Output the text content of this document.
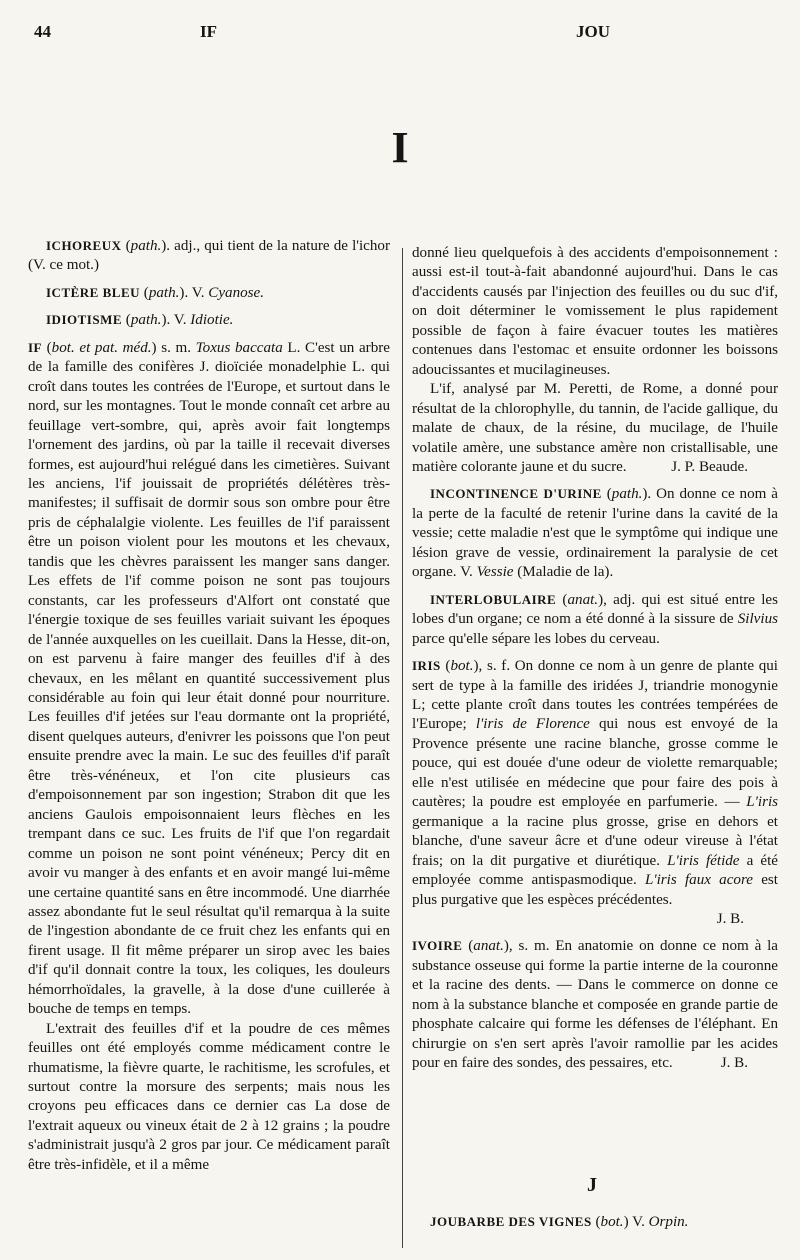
44	IF	JOU
I

ICHOREUX (path.). adj., qui tient de la nature de l'ichor (V. ce mot.)

ICTÈRE BLEU (path.). V. Cyanose.

IDIOTISME (path.). V. Idiotie.

IF (bot. et pat. méd.) s. m. Toxus baccata L. C'est un arbre de la famille des conifères J. dioïciée monadelphie L. qui croît dans toutes les contrées de l'Europe, et surtout dans le nord, sur les montagnes. Tout le monde connaît cet arbre au feuillage vert-sombre, qui, après avoir fait longtemps l'ornement des jardins, où par la taille il recevait diverses formes, est aujourd'hui relégué dans les cimetières. Suivant les anciens, l'if jouissait de propriétés délétères très-manifestes; il suffisait de dormir sous son ombre pour être pris de céphalalgie violente. Les feuilles de l'if paraissent être un poison violent pour les moutons et les chevaux, tandis que les chèvres paraissent les manger sans danger. Les effets de l'if comme poison ne sont pas toujours constants, car les professeurs d'Alfort ont constaté que l'énergie toxique de ses feuilles variait suivant les époques de l'année auxquelles on les cueillait. Dans la Hesse, dit-on, on est parvenu à faire manger des feuilles d'if à des chevaux, en les mêlant en quantité successivement plus considérable au foin qui leur était donné pour nourriture. Les feuilles d'if jetées sur l'eau dormante ont la propriété, disent quelques auteurs, d'enivrer les poissons que l'on peut ensuite prendre avec la main. Le suc des feuilles d'if paraît être très-vénéneux, et l'on cite plusieurs cas d'empoisonnement par son ingestion; Strabon dit que les anciens Gaulois empoisonnaient leurs flèches en les trempant dans ce suc. Les fruits de l'if que l'on regardait comme un poison ne sont point vénéneux; Percy dit en avoir vu manger à des enfants et en avoir mangé lui-même une certaine quantité sans en être incommodé. Une diarrhée assez abondante fut le seul résultat qu'il remarqua à la suite de l'ingestion abondante de ce fruit chez les enfants qui en firent usage. Il fit même préparer un sirop avec les baies d'if qu'il donnait contre la toux, les coliques, les douleurs hémorrhoïdales, la gravelle, à la dose d'une cuillerée à bouche de temps en temps.

L'extrait des feuilles d'if et la poudre de ces mêmes feuilles ont été employés comme médicament contre le rhumatisme, la fièvre quarte, le rachitisme, les scrofules, et surtout contre la morsure des serpents; mais nous les croyons peu efficaces dans ce dernier cas La dose de l'extrait aqueux ou vineux était de 2 à 12 grains ; la poudre s'administrait jusqu'à 2 gros par jour. Ce médicament paraît être très-infidèle, et il a même

donné lieu quelquefois à des accidents d'empoisonnement : aussi est-il tout-à-fait abandonné aujourd'hui. Dans le cas d'accidents causés par l'injection des feuilles ou du suc d'if, on doit déterminer le vomissement le plus rapidement possible de façon à faire évacuer toutes les matières contenues dans l'estomac et ensuite ordonner les boissons adoucissantes et mucilagineuses.

L'if, analysé par M. Peretti, de Rome, a donné pour résultat de la chlorophylle, du tannin, de l'acide gallique, du malate de chaux, de la résine, du mucilage, de l'huile volatile amère, une substance amère non cristallisable, une matière colorante jaune et du sucre.	J. P. Beaude.

INCONTINENCE D'URINE (path.). On donne ce nom à la perte de la faculté de retenir l'urine dans la cavité de la vessie; cette maladie n'est que le symptôme qui indique une lésion grave de vessie, ordinairement la paralysie de cet organe. V. Vessie (Maladie de la).

INTERLOBULAIRE (anat.), adj. qui est situé entre les lobes d'un organe; ce nom a été donné à la sissure de Silvius parce qu'elle sépare les lobes du cerveau.

IRIS (bot.), s. f. On donne ce nom à un genre de plante qui sert de type à la famille des iridées J, triandrie monogynie L; cette plante croît dans toutes les contrées tempérées de l'Europe; l'iris de Florence qui nous est envoyé de la Provence présente une racine blanche, grosse comme le pouce, qui est douée d'une odeur de violette remarquable; elle n'est utilisée en médecine que pour faire des pois à cautères; la poudre est employée en parfumerie. — L'iris germanique a la racine plus grosse, grise en dehors et blanche, d'une saveur âcre et d'une odeur vireuse à l'état frais; on la dit purgative et diurétique. L'iris fétide a été employée comme antispasmodique. L'iris faux acore est plus purgative que les espèces précédentes.

J. B.

IVOIRE (anat.), s. m. En anatomie on donne ce nom à la substance osseuse qui forme la partie interne de la couronne et la racine des dents. — Dans le commerce on donne ce nom à la substance blanche et composée en grande partie de phosphate calcaire qui forme les défenses de l'éléphant. En chirurgie on s'en sert après l'avoir ramollie par les acides pour en faire des sondes, des pessaires, etc.	J. B.

J

JOUBARBE DES VIGNES (bot.) V. Orpin.
